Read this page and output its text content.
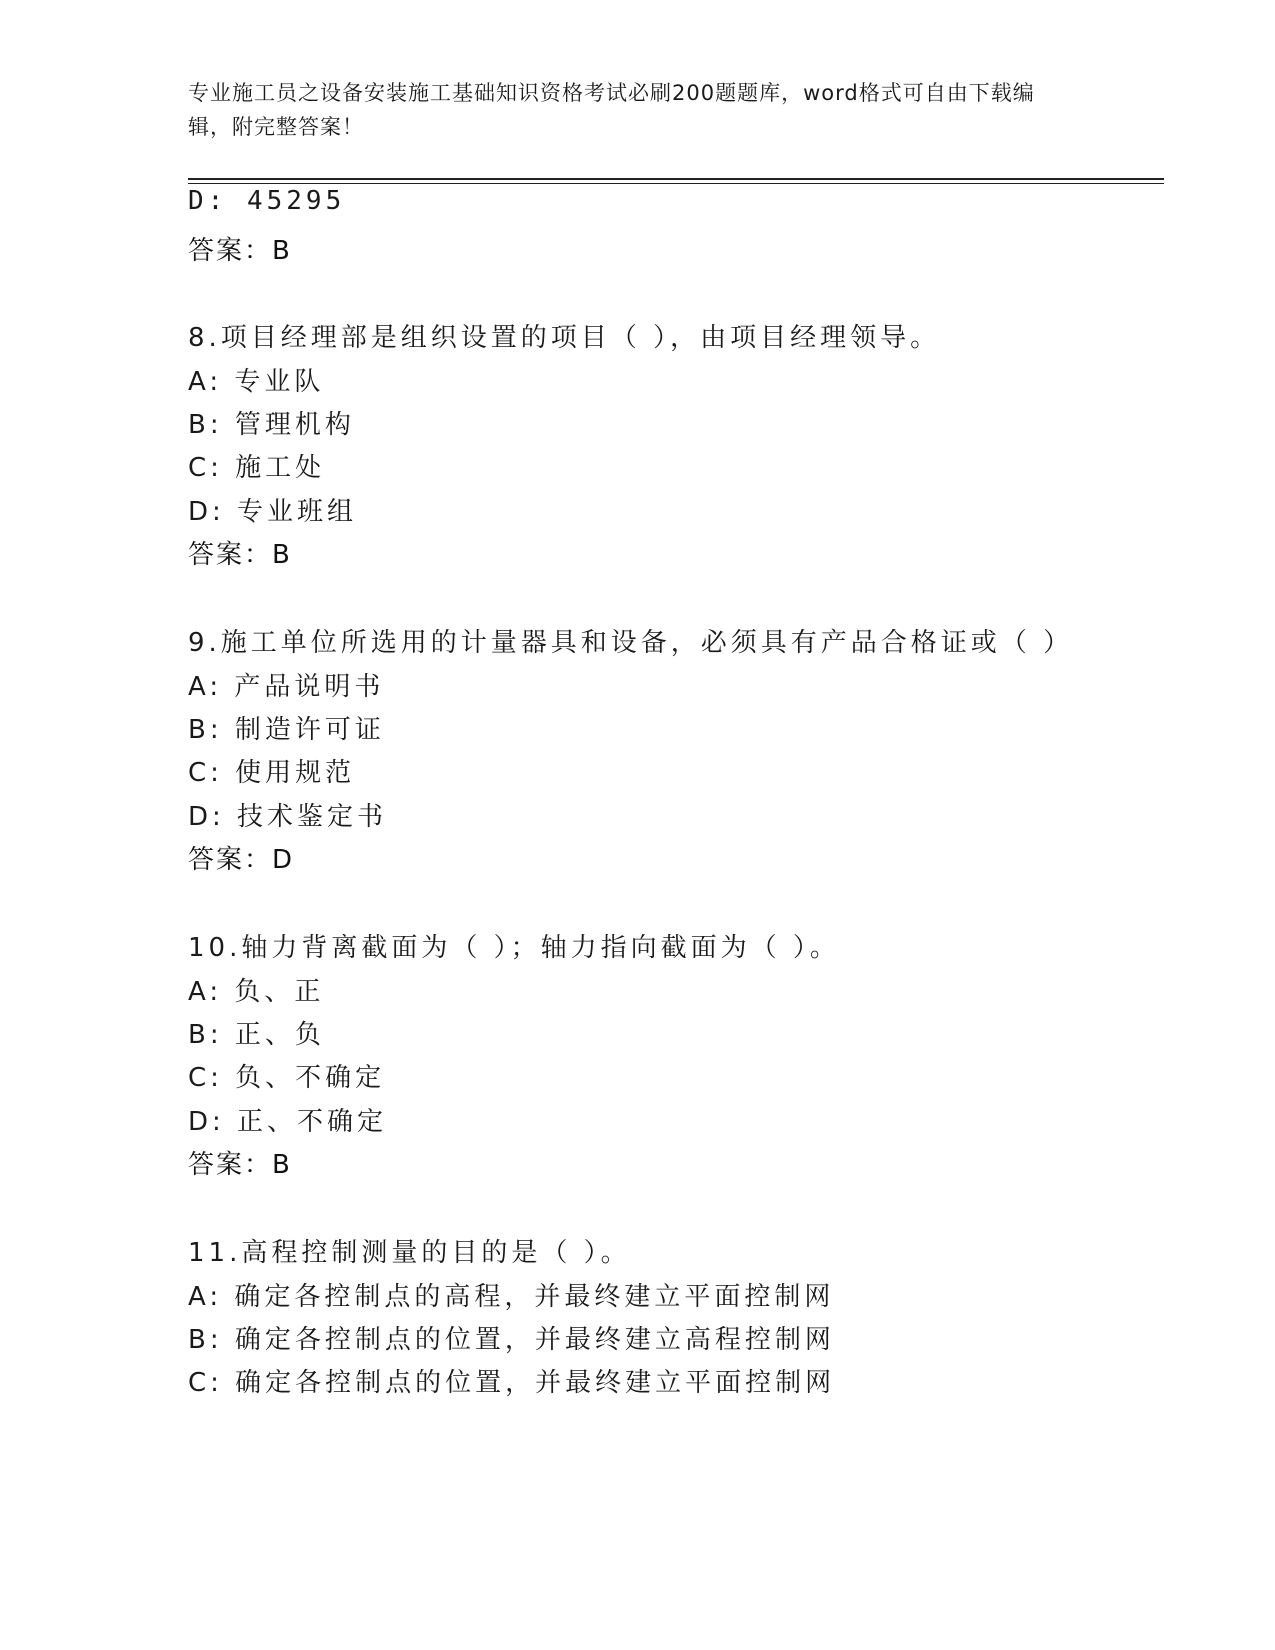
专业施工员之设备安装施工基础知识资格考试必刷200题题库，word格式可自由下载编辑，附完整答案！
D: 45295
答案：B
8.项目经理部是组织设置的项目（ ），由项目经理领导。
A: 专业队
B: 管理机构
C: 施工处
D: 专业班组
答案：B
9.施工单位所选用的计量器具和设备，必须具有产品合格证或（ ）
A: 产品说明书
B: 制造许可证
C: 使用规范
D: 技术鉴定书
答案：D
10.轴力背离截面为（ ）；轴力指向截面为（ ）。
A: 负、正
B: 正、负
C: 负、不确定
D: 正、不确定
答案：B
11.高程控制测量的目的是（ ）。
A: 确定各控制点的高程，并最终建立平面控制网
B: 确定各控制点的位置，并最终建立高程控制网
C: 确定各控制点的位置，并最终建立平面控制网
